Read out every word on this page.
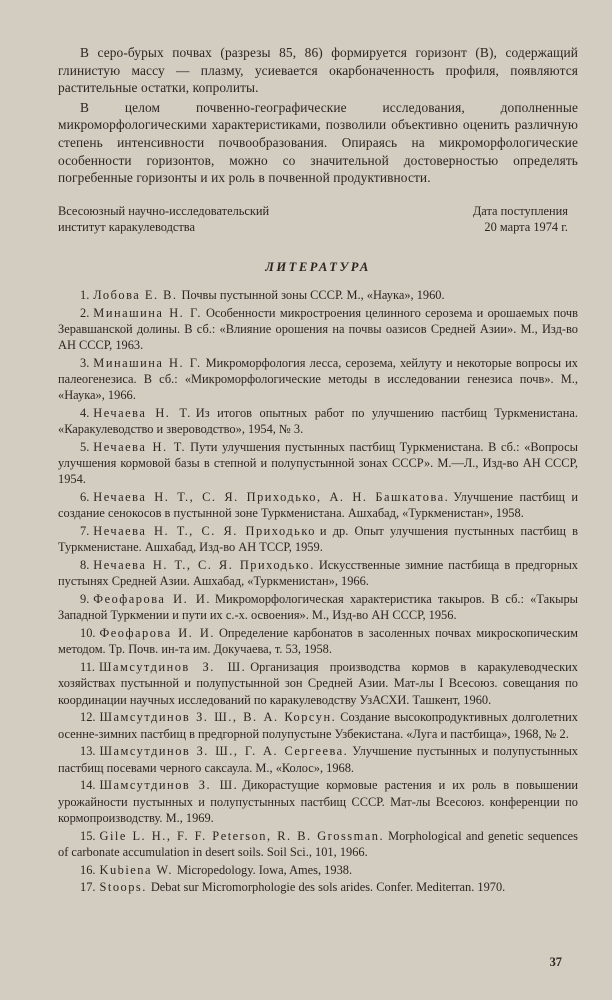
В серо-бурых почвах (разрезы 85, 86) формируется горизонт (В), содержащий глинистую массу — плазму, усиевается окарбоначенность профиля, появляются растительные остатки, копролиты.

В целом почвенно-географические исследования, дополненные микроморфологическими характеристиками, позволили объективно оценить различную степень интенсивности почвообразования. Опираясь на микроморфологические особенности горизонтов, можно со значительной достоверностью определять погребенные горизонты и их роль в почвенной продуктивности.

Всесоюзный научно-исследовательский институт каракулеводства
Дата поступления
20 марта 1974 г.
ЛИТЕРАТУРА
1. Лобова Е. В. Почвы пустынной зоны СССР. М., «Наука», 1960.
2. Минашина Н. Г. Особенности микростроения целинного серозема и орошаемых почв Зеравшанской долины. В сб.: «Влияние орошения на почвы оазисов Средней Азии». М., Изд-во АН СССР, 1963.
3. Минашина Н. Г. Микроморфология лесса, серозема, хейлуту и некоторые вопросы их палеогенезиса. В сб.: «Микроморфологические методы в исследовании генезиса почв». М., «Наука», 1966.
4. Нечаева Н. Т. Из итогов опытных работ по улучшению пастбищ Туркменистана. «Каракулеводство и звероводство», 1954, № 3.
5. Нечаева Н. Т. Пути улучшения пустынных пастбищ Туркменистана. В сб.: «Вопросы улучшения кормовой базы в степной и полупустынной зонах СССР». М.—Л., Изд-во АН СССР, 1954.
6. Нечаева Н. Т., С. Я. Приходько, А. Н. Башкатова. Улучшение пастбищ и создание сенокосов в пустынной зоне Туркменистана. Ашхабад, «Туркменистан», 1958.
7. Нечаева Н. Т., С. Я. Приходько и др. Опыт улучшения пустынных пастбищ в Туркменистане. Ашхабад, Изд-во АН ТССР, 1959.
8. Нечаева Н. Т., С. Я. Приходько. Искусственные зимние пастбища в предгорных пустынях Средней Азии. Ашхабад, «Туркменистан», 1966.
9. Феофарова И. И. Микроморфологическая характеристика такыров. В сб.: «Такыры Западной Туркмении и пути их с.-х. освоения». М., Изд-во АН СССР, 1956.
10. Феофарова И. И. Определение карбонатов в засоленных почвах микроскопическим методом. Тр. Почв. ин-та им. Докучаева, т. 53, 1958.
11. Шамсутдинов З. Ш. Организация производства кормов в каракулеводческих хозяйствах пустынной и полупустынной зон Средней Азии. Мат-лы I Всесоюз. совещания по координации научных исследований по каракулеводству УзАСХИ. Ташкент, 1960.
12. Шамсутдинов З. Ш., В. А. Корсун. Создание высокопродуктивных долголетних осенне-зимних пастбищ в предгорной полупустыне Узбекистана. «Луга и пастбища», 1968, № 2.
13. Шамсутдинов З. Ш., Г. А. Сергеева. Улучшение пустынных и полупустынных пастбищ посевами черного саксаула. М., «Колос», 1968.
14. Шамсутдинов З. Ш. Дикорастущие кормовые растения и их роль в повышении урожайности пустынных и полупустынных пастбищ СССР. Мат-лы Всесоюз. конференции по кормопроизводству. М., 1969.
15. Gile L. H., F. F. Peterson, R. B. Grossman. Morphological and genetic sequences of carbonate accumulation in desert soils. Soil Sci., 101, 1966.
16. Kubiena W. Micropedology. Iowa, Ames, 1938.
17. Stoops. Debat sur Micromorphologie des sols arides. Confer. Mediterran. 1970.
37
